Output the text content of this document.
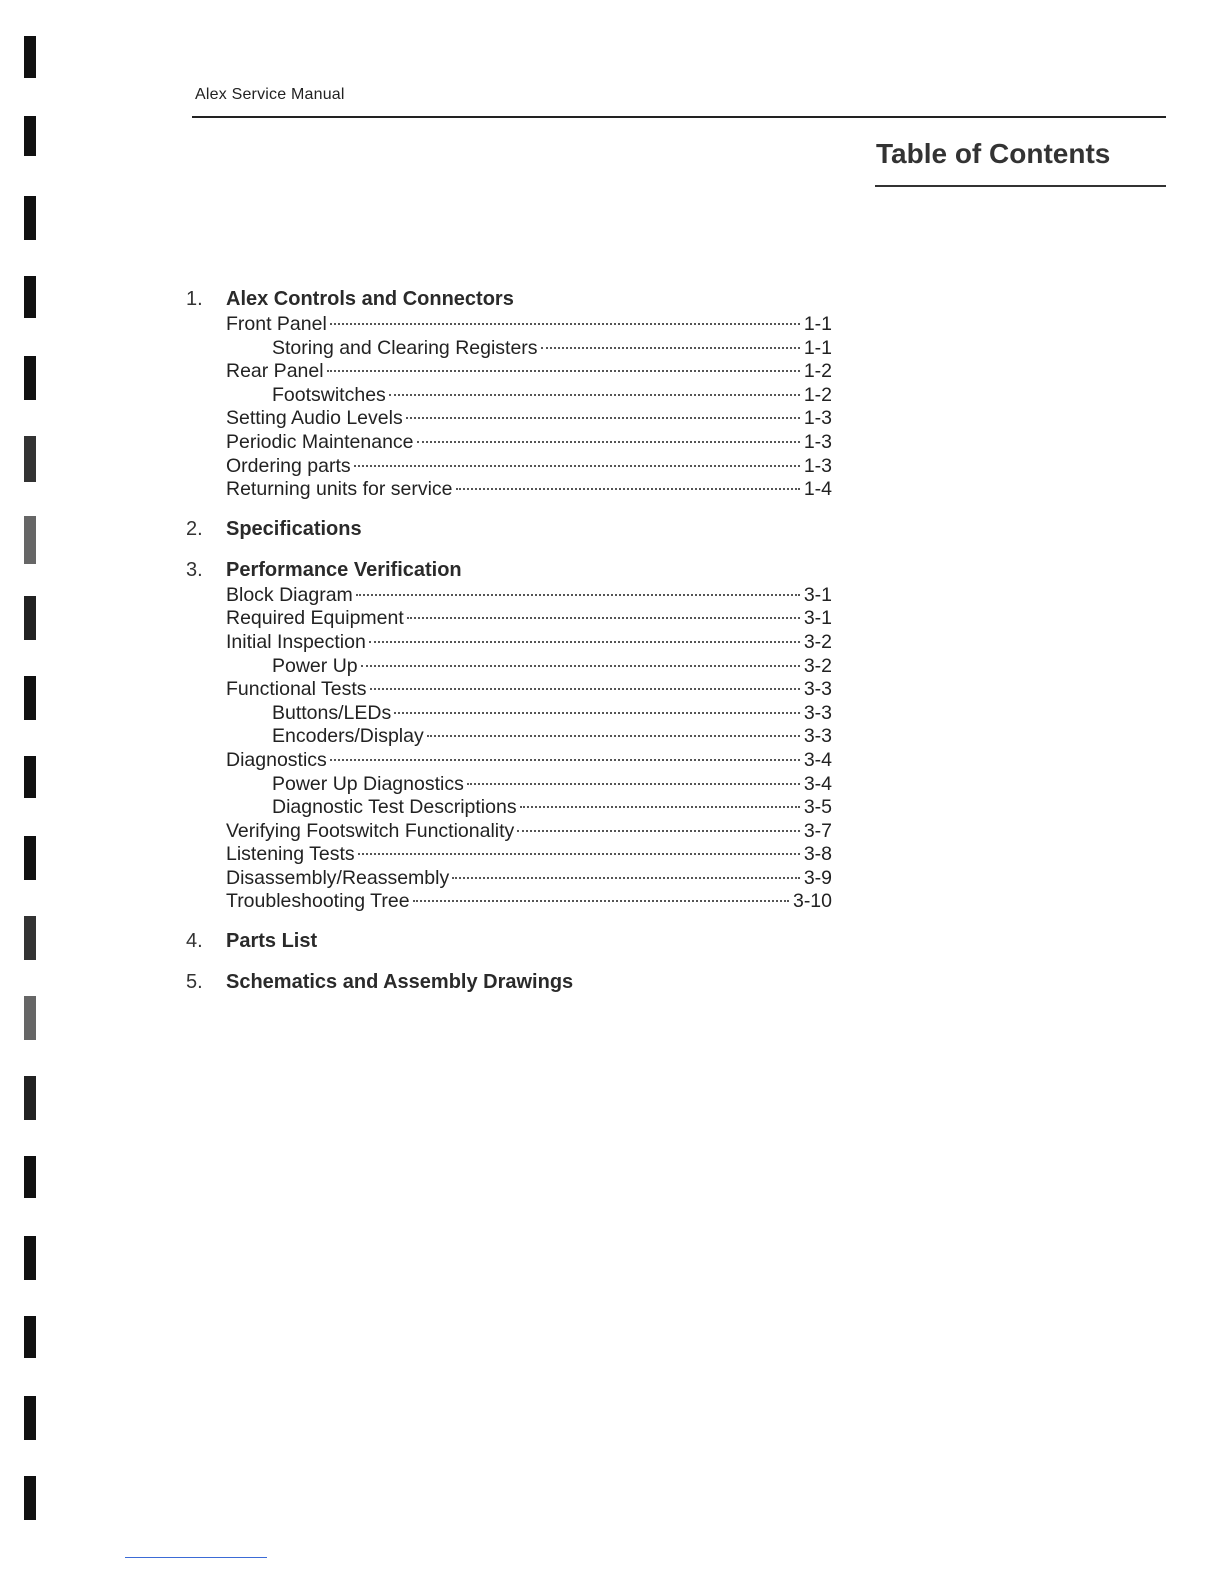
Alex Service Manual
Table of Contents
1.	Alex Controls and Connectors
Front Panel	1-1
Storing and Clearing Registers	1-1
Rear Panel	1-2
Footswitches	1-2
Setting Audio Levels	1-3
Periodic Maintenance	1-3
Ordering parts	1-3
Returning units for service	1-4
2.	Specifications
3.	Performance Verification
Block Diagram	3-1
Required Equipment	3-1
Initial Inspection	3-2
Power Up	3-2
Functional Tests	3-3
Buttons/LEDs	3-3
Encoders/Display	3-3
Diagnostics	3-4
Power Up Diagnostics	3-4
Diagnostic Test Descriptions	3-5
Verifying Footswitch Functionality	3-7
Listening Tests	3-8
Disassembly/Reassembly	3-9
Troubleshooting Tree	3-10
4.	Parts List
5.	Schematics and Assembly Drawings
